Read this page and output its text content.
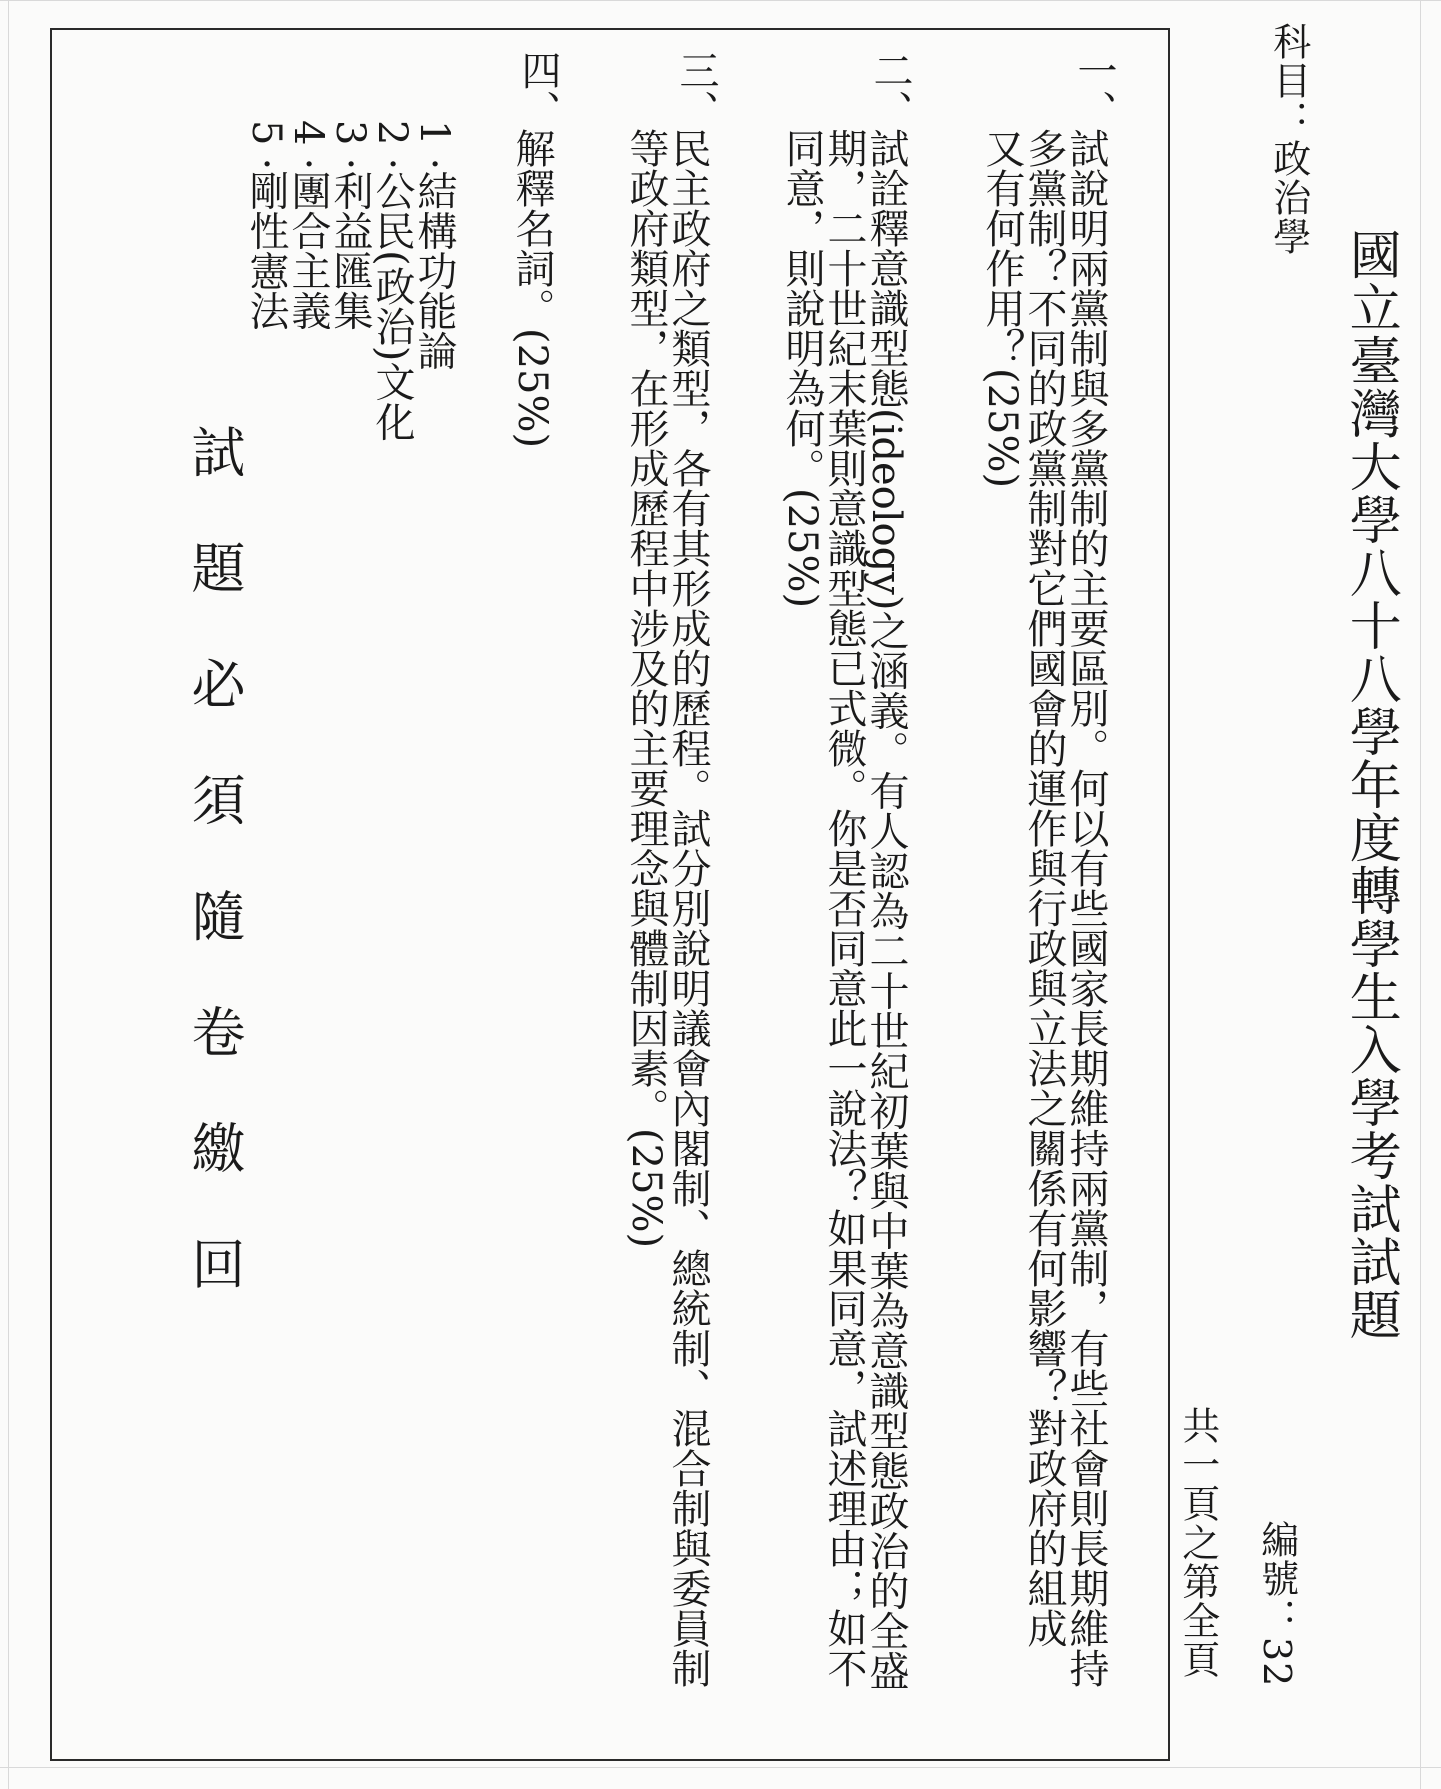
國立臺灣大學八十八學年度轉學生入學考試試題
科目：政治學
編號：32
共一頁之第全頁
一、
試說明兩黨制與多黨制的主要區別。何以有些國家長期維持兩黨制，有些社會則長期維持
多黨制？不同的政黨制對它們國會的運作與行政與立法之關係有何影響？對政府的組成
又有何作用？(25%)
二、
試詮釋意識型態(ideology)之涵義。有人認為二十世紀初葉與中葉為意識型態政治的全盛
期，二十世紀末葉則意識型態已式微。你是否同意此一說法？如果同意，試述理由；如不
同意，則說明為何。(25%)
三、
民主政府之類型，各有其形成的歷程。試分別說明議會內閣制、總統制、混合制與委員制
等政府類型，在形成歷程中涉及的主要理念與體制因素。(25%)
四、
解釋名詞。(25%)
1·結構功能論
2·公民(政治)文化
3·利益匯集
4·團合主義
5·剛性憲法
試題必須隨卷繳回
